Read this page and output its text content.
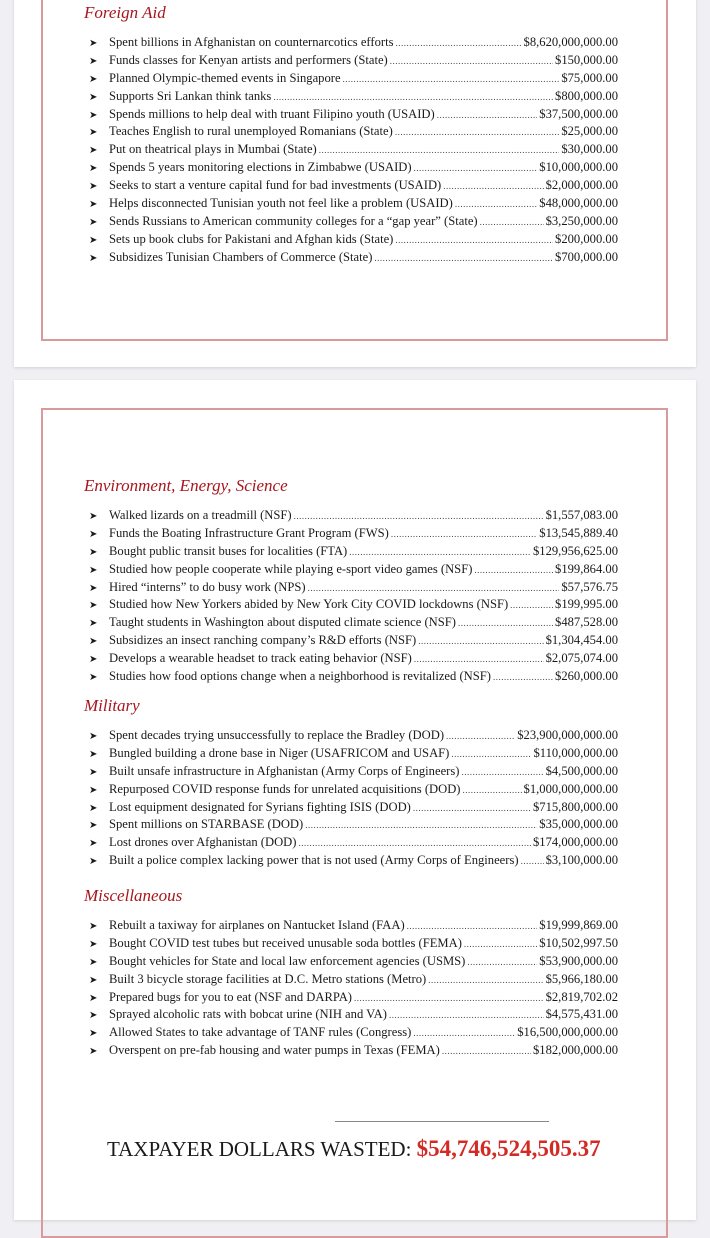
Foreign Aid
➤ Spent billions in Afghanistan on counternarcotics efforts .....	$8,620,000,000.00
➤ Funds classes for Kenyan artists and performers (State) .....	$150,000.00
➤ Planned Olympic-themed events in Singapore .....	$75,000.00
➤ Supports Sri Lankan think tanks .....	$800,000.00
➤ Spends millions to help deal with truant Filipino youth (USAID) .....	$37,500,000.00
➤ Teaches English to rural unemployed Romanians (State) .....	$25,000.00
➤ Put on theatrical plays in Mumbai (State) .....	$30,000.00
➤ Spends 5 years monitoring elections in Zimbabwe (USAID) .....	$10,000,000.00
➤ Seeks to start a venture capital fund for bad investments (USAID) .....	$2,000,000.00
➤ Helps disconnected Tunisian youth not feel like a problem (USAID) .....	$48,000,000.00
➤ Sends Russians to American community colleges for a “gap year” (State) .....	$3,250,000.00
➤ Sets up book clubs for Pakistani and Afghan kids (State) .....	$200,000.00
➤ Subsidizes Tunisian Chambers of Commerce (State) .....	$700,000.00
Environment, Energy, Science
➤ Walked lizards on a treadmill (NSF) .....	$1,557,083.00
➤ Funds the Boating Infrastructure Grant Program (FWS) .....	$13,545,889.40
➤ Bought public transit buses for localities (FTA) .....	$129,956,625.00
➤ Studied how people cooperate while playing e-sport video games (NSF) .....	$199,864.00
➤ Hired “interns” to do busy work (NPS) .....	$57,576.75
➤ Studied how New Yorkers abided by New York City COVID lockdowns (NSF) .....	$199,995.00
➤ Taught students in Washington about disputed climate science (NSF) .....	$487,528.00
➤ Subsidizes an insect ranching company’s R&D efforts (NSF) .....	$1,304,454.00
➤ Develops a wearable headset to track eating behavior (NSF) .....	$2,075,074.00
➤ Studies how food options change when a neighborhood is revitalized (NSF) .....	$260,000.00
Military
➤ Spent decades trying unsuccessfully to replace the Bradley (DOD) .....	$23,900,000,000.00
➤ Bungled building a drone base in Niger (USAFRICOM and USAF) .....	$110,000,000.00
➤ Built unsafe infrastructure in Afghanistan (Army Corps of Engineers) .....	$4,500,000.00
➤ Repurposed COVID response funds for unrelated acquisitions (DOD) .....	$1,000,000,000.00
➤ Lost equipment designated for Syrians fighting ISIS (DOD) .....	$715,800,000.00
➤ Spent millions on STARBASE (DOD) .....	$35,000,000.00
➤ Lost drones over Afghanistan (DOD) .....	$174,000,000.00
➤ Built a police complex lacking power that is not used (Army Corps of Engineers) ..... $3,100,000.00
Miscellaneous
➤ Rebuilt a taxiway for airplanes on Nantucket Island (FAA) .....	$19,999,869.00
➤ Bought COVID test tubes but received unusable soda bottles (FEMA) .....	$10,502,997.50
➤ Bought vehicles for State and local law enforcement agencies (USMS) .....	$53,900,000.00
➤ Built 3 bicycle storage facilities at D.C. Metro stations (Metro) .....	$5,966,180.00
➤ Prepared bugs for you to eat (NSF and DARPA) .....	$2,819,702.02
➤ Sprayed alcoholic rats with bobcat urine (NIH and VA) .....	$4,575,431.00
➤ Allowed States to take advantage of TANF rules (Congress) .....	$16,500,000,000.00
➤ Overspent on pre-fab housing and water pumps in Texas (FEMA) .....	$182,000,000.00
TAXPAYER DOLLARS WASTED: $54,746,524,505.37
